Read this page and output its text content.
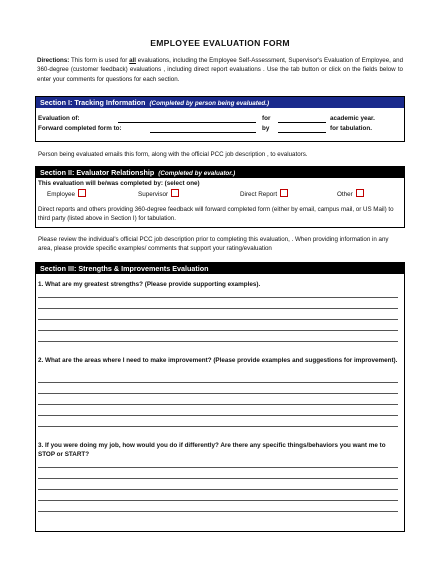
EMPLOYEE EVALUATION FORM
Directions: This form is used for all evaluations, including the Employee Self-Assessment, Supervisor's Evaluation of Employee, and 360-degree (customer feedback) evaluations , including direct report evaluations . Use the tab button or click on the fields below to enter your comments for questions for each section.
Section I: Tracking Information (Completed by person being evaluated.)
Evaluation of:	for	academic year.
Forward completed form to:	by	for tabulation.
Person being evaluated emails this form, along with the official PCC job description , to evaluators.
Section II: Evaluator Relationship (Completed by evaluator.)
This evaluation will be/was completed by: (select one)
Employee	Supervisor	Direct Report	Other
Direct reports and others providing 360-degree feedback will forward completed form (either by email, campus mail, or US Mail) to third party (listed above in Section I) for tabulation.
Please review the individual's official PCC job description prior to completing this evaluation, . When providing information in any area, please provide specific examples/ comments that support your rating/evaluation
Section III: Strengths & Improvements Evaluation
1. What are my greatest strengths? (Please provide supporting examples).
2. What are the areas where I need to make improvement? (Please provide examples and suggestions for improvement).
3. If you were doing my job, how would you do if differently? Are there any specific things/behaviors you want me to STOP or START?
